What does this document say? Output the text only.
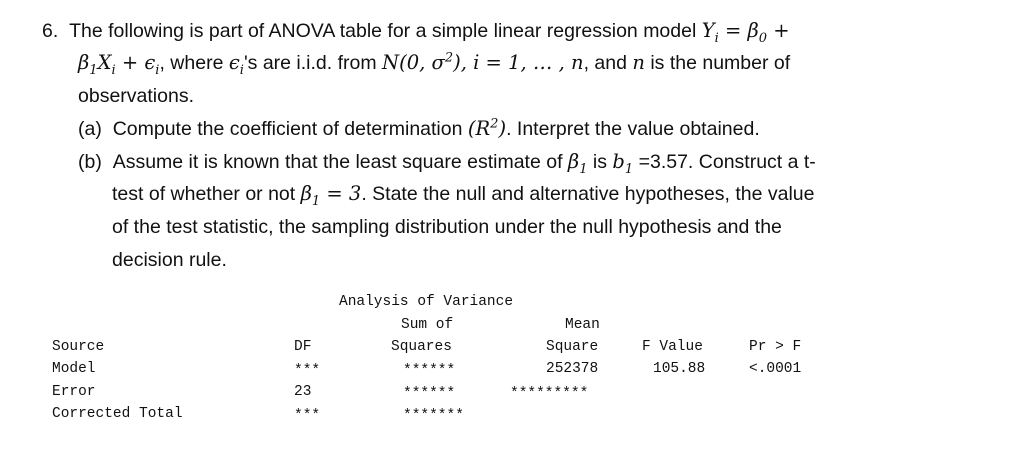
6. The following is part of ANOVA table for a simple linear regression model $Y_i = \beta_0$ +
$\beta_1X_i + \epsilon_i$, where $\epsilon_i's$ are i.i.d. from N(0, $\sigma^2$), i = 1, … , n, and n is the number of
observations.
(a) Compute the coefficient of determination $(R^2)$. Interpret the value obtained.
(b) Assume it is known that the least square estimate of $\beta_1$ is $b_1 =3.57$. Construct a t-
test of whether or not $\beta_1 = 3$. State the null and alternative hypotheses, the value
of the test statistic, the sampling distribution under the null hypothesis and the
decision rule.
Analysis of Variance
Sum of	Mean
Source	DF	Squares	Square	F Value	Pr > F
Model	***	******	252378	105.88	<.0001
Error	23	******	*********
Corrected Total	***	*******
